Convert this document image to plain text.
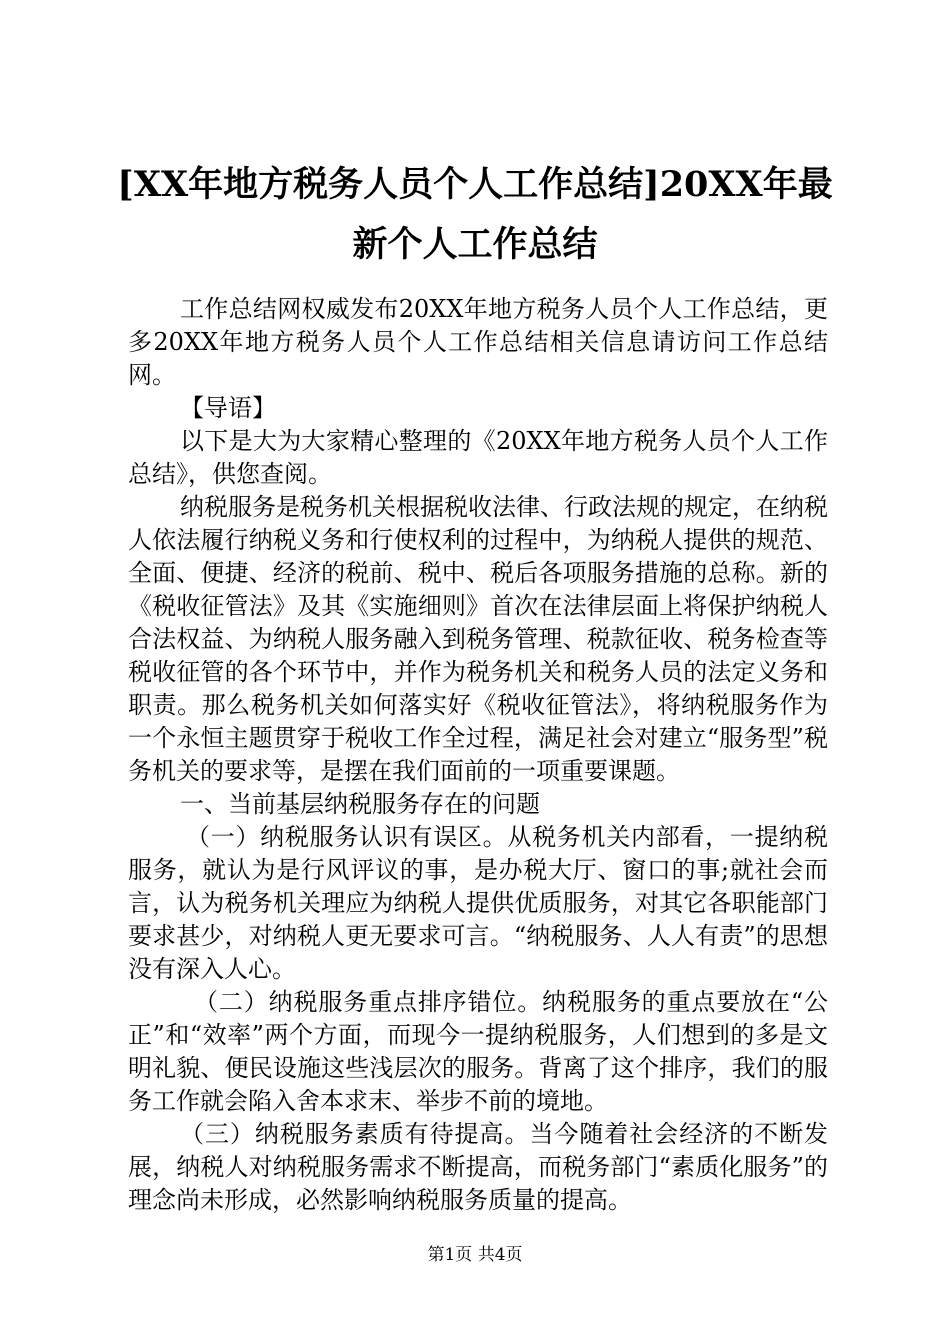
[XX年地方税务人员个人工作总结]20XX年最
新个人工作总结

工作总结网权威发布20XX年地方税务人员个人工作总结，更多20XX年地方税务人员个人工作总结相关信息请访问工作总结网。

【导语】

以下是大为大家精心整理的《20XX年地方税务人员个人工作总结》，供您查阅。

纳税服务是税务机关根据税收法律、行政法规的规定，在纳税人依法履行纳税义务和行使权利的过程中，为纳税人提供的规范、全面、便捷、经济的税前、税中、税后各项服务措施的总称。新的《税收征管法》及其《实施细则》首次在法律层面上将保护纳税人合法权益、为纳税人服务融入到税务管理、税款征收、税务检查等税收征管的各个环节中，并作为税务机关和税务人员的法定义务和职责。那么税务机关如何落实好《税收征管法》，将纳税服务作为一个永恒主题贯穿于税收工作全过程，满足社会对建立“服务型”税务机关的要求等，是摆在我们面前的一项重要课题。

一、当前基层纳税服务存在的问题

（一）纳税服务认识有误区。从税务机关内部看，一提纳税服务，就认为是行风评议的事，是办税大厅、窗口的事;就社会而言，认为税务机关理应为纳税人提供优质服务，对其它各职能部门要求甚少，对纳税人更无要求可言。“纳税服务、人人有责”的思想没有深入人心。

（二）纳税服务重点排序错位。纳税服务的重点要放在“公正”和“效率”两个方面，而现今一提纳税服务，人们想到的多是文明礼貌、便民设施这些浅层次的服务。背离了这个排序，我们的服务工作就会陷入舍本求末、举步不前的境地。

（三）纳税服务素质有待提高。当今随着社会经济的不断发展，纳税人对纳税服务需求不断提高，而税务部门“素质化服务”的理念尚未形成，必然影响纳税服务质量的提高。

第1页 共4页
